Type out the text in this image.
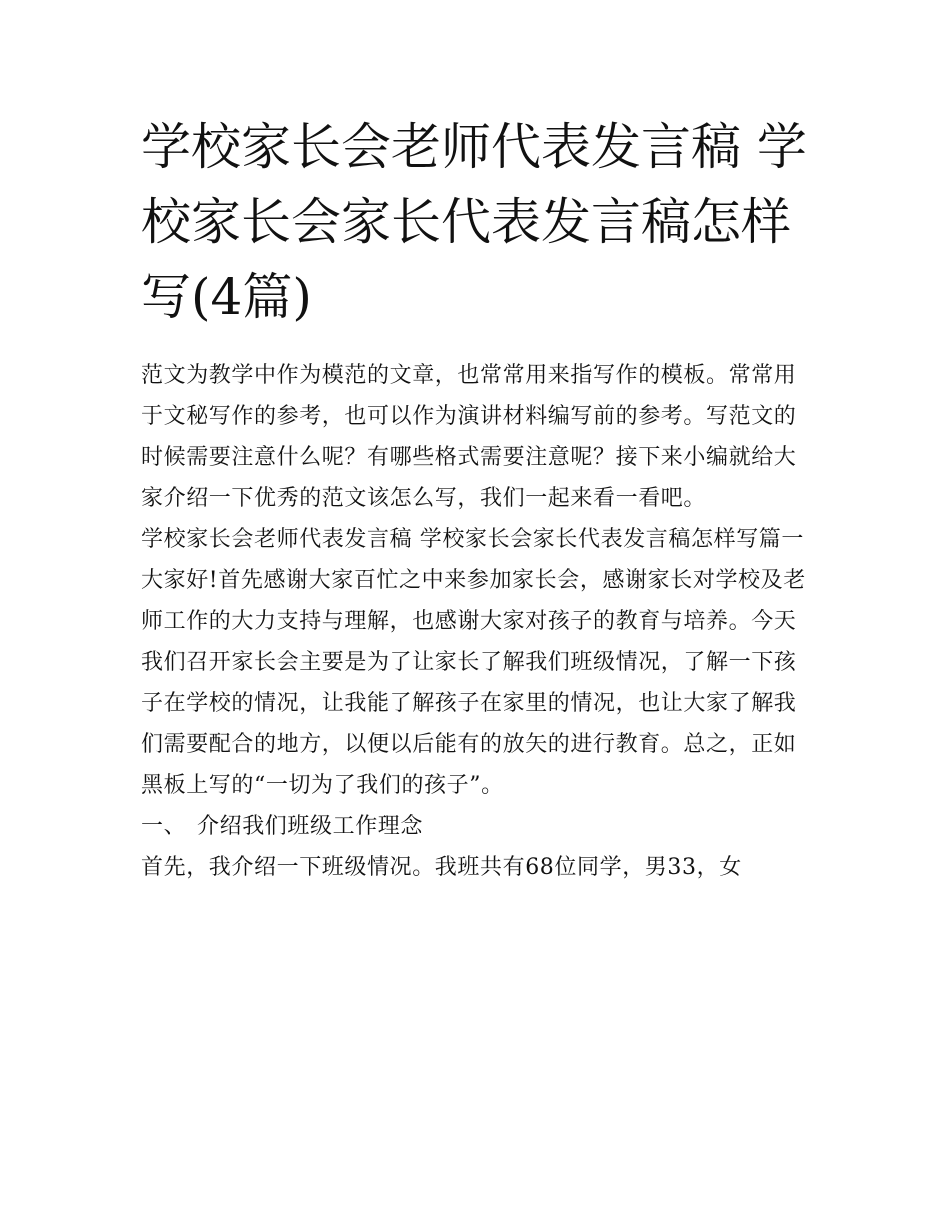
学校家长会老师代表发言稿 学校家长会家长代表发言稿怎样写(4篇)

范文为教学中作为模范的文章，也常常用来指写作的模板。常常用于文秘写作的参考，也可以作为演讲材料编写前的参考。写范文的时候需要注意什么呢？有哪些格式需要注意呢？接下来小编就给大家介绍一下优秀的范文该怎么写，我们一起来看一看吧。

学校家长会老师代表发言稿 学校家长会家长代表发言稿怎样写篇一

大家好!首先感谢大家百忙之中来参加家长会，感谢家长对学校及老师工作的大力支持与理解，也感谢大家对孩子的教育与培养。今天我们召开家长会主要是为了让家长了解我们班级情况，了解一下孩子在学校的情况，让我能了解孩子在家里的情况，也让大家了解我们需要配合的地方，以便以后能有的放矢的进行教育。总之，正如黑板上写的“一切为了我们的孩子”。

一、 介绍我们班级工作理念

首先，我介绍一下班级情况。我班共有68位同学，男33，女
